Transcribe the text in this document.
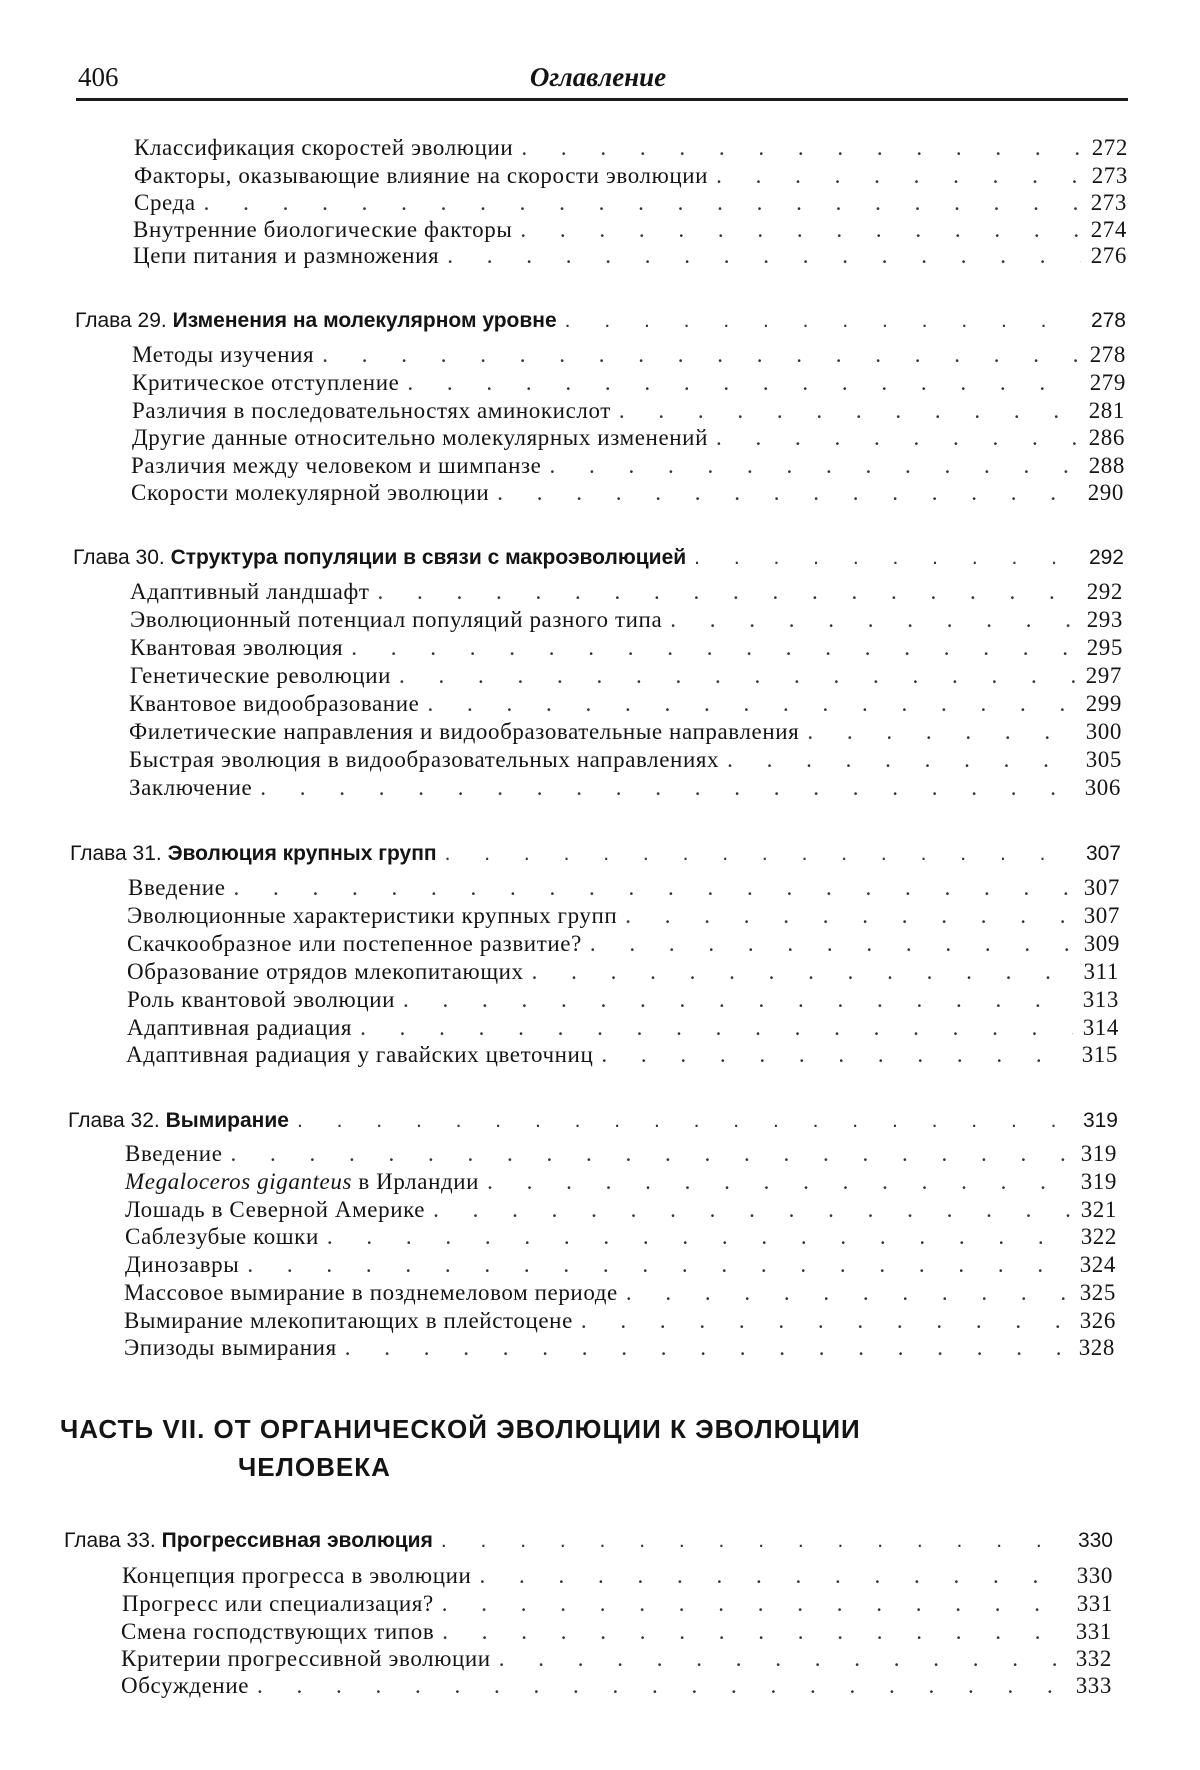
406	Оглавление
Классификация скоростей эволюции . . .	272
Факторы, оказывающие влияние на скорости эволюции . . .	273
Среда . . .	273
Внутренние биологические факторы . . .	274
Цепи питания и размножения . . .	276
Глава 29. Изменения на молекулярном уровне . . .	278
Методы изучения . . .	278
Критическое отступление . . .	279
Различия в последовательностях аминокислот . . .	281
Другие данные относительно молекулярных изменений . . .	286
Различия между человеком и шимпанзе . . .	288
Скорости молекулярной эволюции . . .	290
Глава 30. Структура популяции в связи с макроэволюцией . . .	292
Адаптивный ландшафт . . .	292
Эволюционный потенциал популяций разного типа . . .	293
Квантовая эволюция . . .	295
Генетические революции . . .	297
Квантовое видообразование . . .	299
Филетические направления и видообразовательные направления . . .	300
Быстрая эволюция в видообразовательных направлениях . . .	305
Заключение . . .	306
Глава 31. Эволюция крупных групп . . .	307
Введение . . .	307
Эволюционные характеристики крупных групп . . .	307
Скачкообразное или постепенное развитие? . . .	309
Образование отрядов млекопитающих . . .	311
Роль квантовой эволюции . . .	313
Адаптивная радиация . . .	314
Адаптивная радиация у гавайских цветочниц . . .	315
Глава 32. Вымирание . . .	319
Введение . . .	319
Megaloceros giganteus в Ирландии . . .	319
Лошадь в Северной Америке . . .	321
Саблезубые кошки . . .	322
Динозавры . . .	324
Массовое вымирание в позднемеловом периоде . . .	325
Вымирание млекопитающих в плейстоцене . . .	326
Эпизоды вымирания . . .	328
ЧАСТЬ VII. ОТ ОРГАНИЧЕСКОЙ ЭВОЛЮЦИИ К ЭВОЛЮЦИИ
ЧЕЛОВЕКА
Глава 33. Прогрессивная эволюция . . .	330
Концепция прогресса в эволюции . . .	330
Прогресс или специализация? . . .	331
Смена господствующих типов . . .	331
Критерии прогрессивной эволюции . . .	332
Обсуждение . . .	333
